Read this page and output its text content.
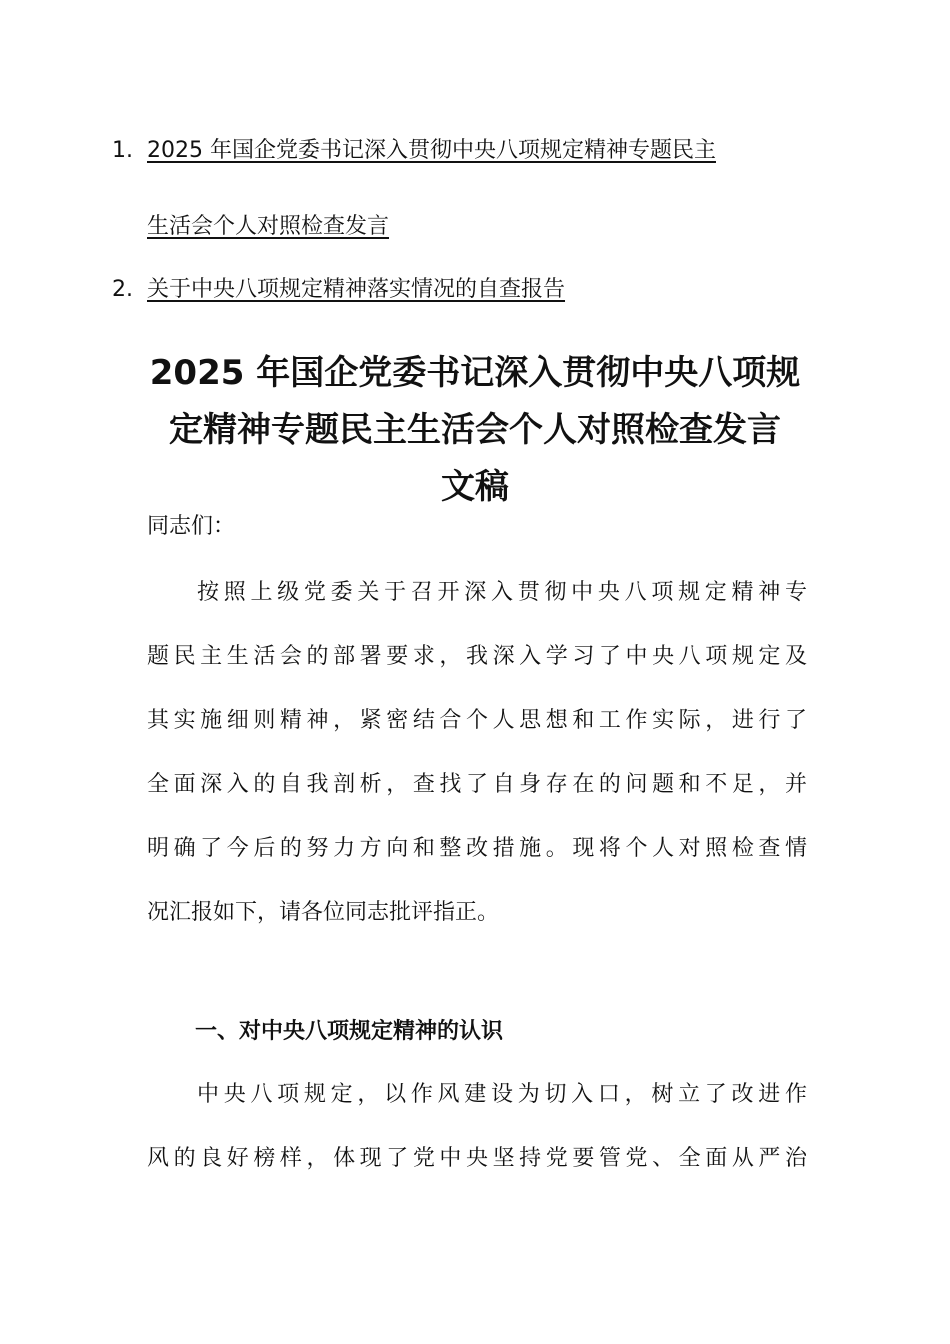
1. 2025 年国企党委书记深入贯彻中央八项规定精神专题民主
生活会个人对照检查发言
2. 关于中央八项规定精神落实情况的自查报告
2025 年国企党委书记深入贯彻中央八项规
定精神专题民主生活会个人对照检查发言
文稿
同志们：
按照上级党委关于召开深入贯彻中央八项规定精神专
题民主生活会的部署要求，我深入学习了中央八项规定及
其实施细则精神，紧密结合个人思想和工作实际，进行了
全面深入的自我剖析，查找了自身存在的问题和不足，并
明确了今后的努力方向和整改措施。现将个人对照检查情
况汇报如下，请各位同志批评指正。
一、对中央八项规定精神的认识
中央八项规定，以作风建设为切入口，树立了改进作
风的良好榜样，体现了党中央坚持党要管党、全面从严治
